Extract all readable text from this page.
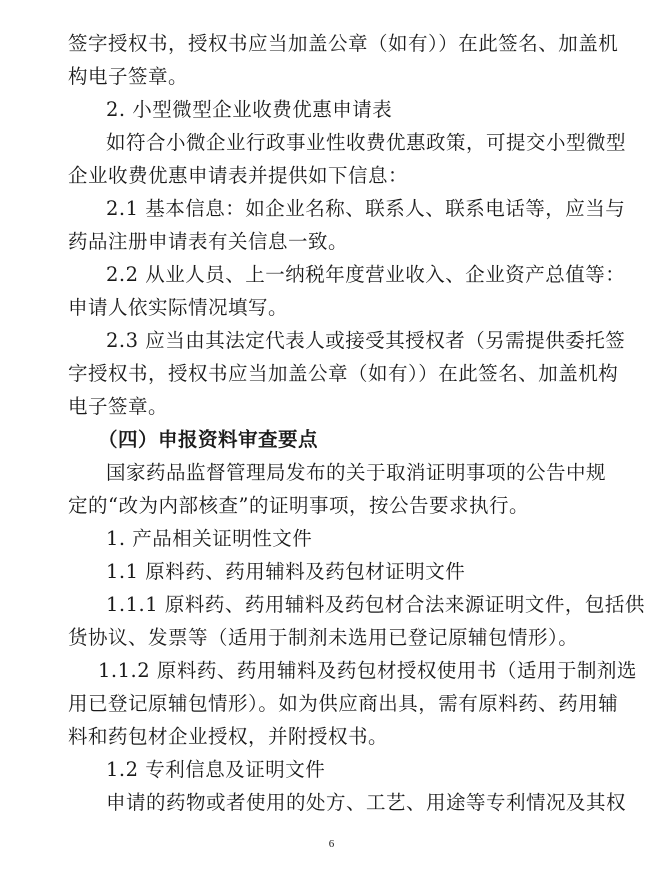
签字授权书，授权书应当加盖公章（如有））在此签名、加盖机
构电子签章。
2. 小型微型企业收费优惠申请表
如符合小微企业行政事业性收费优惠政策，可提交小型微型
企业收费优惠申请表并提供如下信息：
2.1 基本信息：如企业名称、联系人、联系电话等，应当与
药品注册申请表有关信息一致。
2.2 从业人员、上一纳税年度营业收入、企业资产总值等：
申请人依实际情况填写。
2.3 应当由其法定代表人或接受其授权者（另需提供委托签
字授权书，授权书应当加盖公章（如有））在此签名、加盖机构
电子签章。
（四）申报资料审查要点
国家药品监督管理局发布的关于取消证明事项的公告中规
定的“改为内部核查”的证明事项，按公告要求执行。
1. 产品相关证明性文件
1.1 原料药、药用辅料及药包材证明文件
1.1.1 原料药、药用辅料及药包材合法来源证明文件，包括供
货协议、发票等（适用于制剂未选用已登记原辅包情形）。
1.1.2 原料药、药用辅料及药包材授权使用书（适用于制剂选
用已登记原辅包情形）。如为供应商出具，需有原料药、药用辅
料和药包材企业授权，并附授权书。
1.2 专利信息及证明文件
申请的药物或者使用的处方、工艺、用途等专利情况及其权
6
